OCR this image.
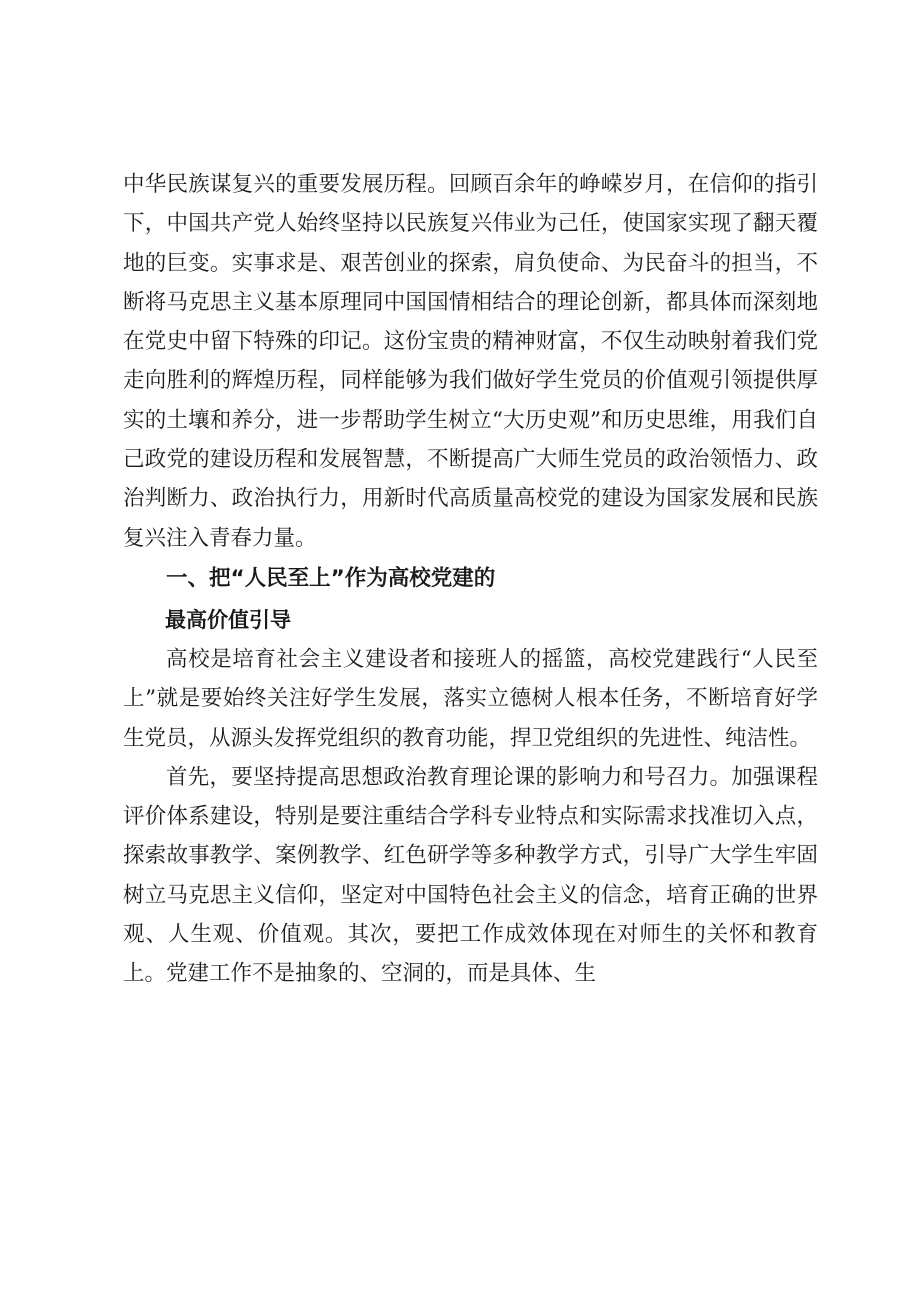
中华民族谋复兴的重要发展历程。回顾百余年的峥嵘岁月，在信仰的指引下，中国共产党人始终坚持以民族复兴伟业为己任，使国家实现了翻天覆地的巨变。实事求是、艰苦创业的探索，肩负使命、为民奋斗的担当，不断将马克思主义基本原理同中国国情相结合的理论创新，都具体而深刻地在党史中留下特殊的印记。这份宝贵的精神财富，不仅生动映射着我们党走向胜利的辉煌历程，同样能够为我们做好学生党员的价值观引领提供厚实的土壤和养分，进一步帮助学生树立“大历史观”和历史思维，用我们自己政党的建设历程和发展智慧，不断提高广大师生党员的政治领悟力、政治判断力、政治执行力，用新时代高质量高校党的建设为国家发展和民族复兴注入青春力量。

一、把“人民至上”作为高校党建的
最高价值引导

高校是培育社会主义建设者和接班人的摇篮，高校党建践行“人民至上”就是要始终关注好学生发展，落实立德树人根本任务，不断培育好学生党员，从源头发挥党组织的教育功能，捍卫党组织的先进性、纯洁性。

首先，要坚持提高思想政治教育理论课的影响力和号召力。加强课程评价体系建设，特别是要注重结合学科专业特点和实际需求找准切入点，探索故事教学、案例教学、红色研学等多种教学方式，引导广大学生牢固树立马克思主义信仰，坚定对中国特色社会主义的信念，培育正确的世界观、人生观、价值观。其次，要把工作成效体现在对师生的关怀和教育上。党建工作不是抽象的、空洞的，而是具体、生
